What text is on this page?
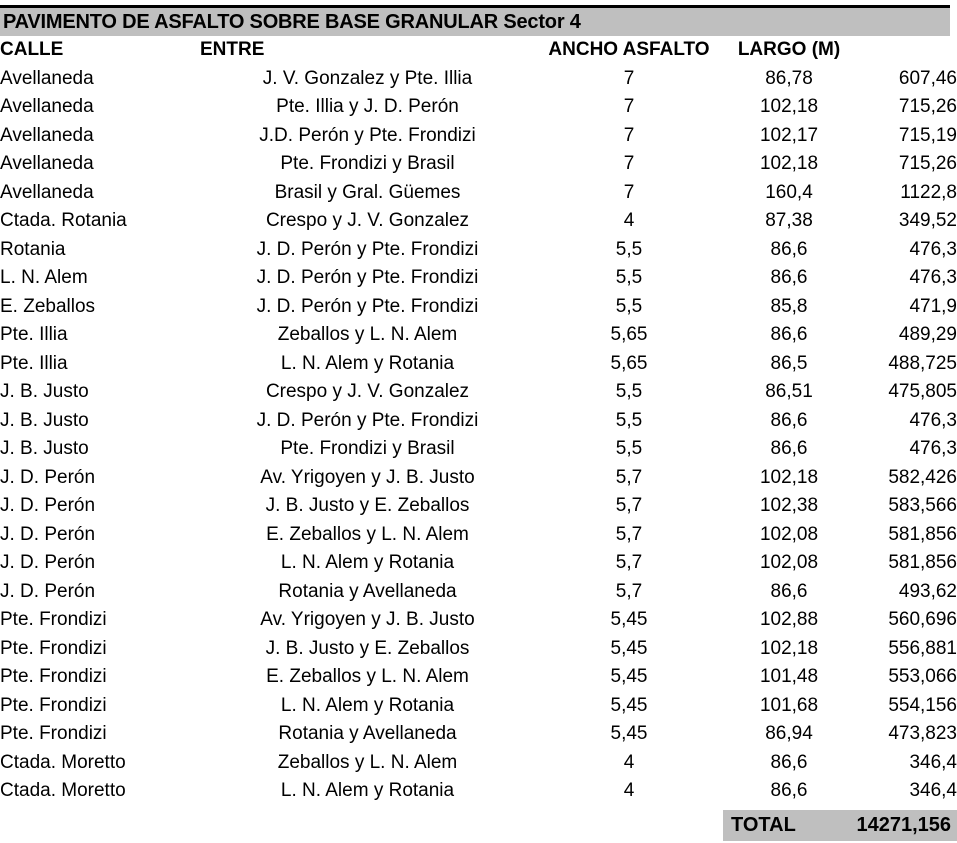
PAVIMENTO DE ASFALTO SOBRE BASE GRANULAR Sector 4
CALLE	ENTRE	ANCHO ASFALTO	LARGO (M)	
Avellaneda	J. V. Gonzalez y Pte. Illia	7	86,78	607,46
Avellaneda	Pte. Illia y J. D. Perón	7	102,18	715,26
Avellaneda	J.D. Perón y Pte. Frondizi	7	102,17	715,19
Avellaneda	Pte. Frondizi y Brasil	7	102,18	715,26
Avellaneda	Brasil y Gral. Güemes	7	160,4	1122,8
Ctada. Rotania	Crespo y J. V. Gonzalez	4	87,38	349,52
Rotania	J. D. Perón y Pte. Frondizi	5,5	86,6	476,3
L. N. Alem	J. D. Perón y Pte. Frondizi	5,5	86,6	476,3
E. Zeballos	J. D. Perón y Pte. Frondizi	5,5	85,8	471,9
Pte. Illia	Zeballos y L. N. Alem	5,65	86,6	489,29
Pte. Illia	L. N. Alem y Rotania	5,65	86,5	488,725
J. B. Justo	Crespo y J. V. Gonzalez	5,5	86,51	475,805
J. B. Justo	J. D. Perón y Pte. Frondizi	5,5	86,6	476,3
J. B. Justo	Pte. Frondizi y Brasil	5,5	86,6	476,3
J. D. Perón	Av. Yrigoyen y J. B. Justo	5,7	102,18	582,426
J. D. Perón	J. B. Justo y E. Zeballos	5,7	102,38	583,566
J. D. Perón	E. Zeballos y L. N. Alem	5,7	102,08	581,856
J. D. Perón	L. N. Alem y Rotania	5,7	102,08	581,856
J. D. Perón	Rotania y Avellaneda	5,7	86,6	493,62
Pte. Frondizi	Av. Yrigoyen y J. B. Justo	5,45	102,88	560,696
Pte. Frondizi	J. B. Justo y E. Zeballos	5,45	102,18	556,881
Pte. Frondizi	E. Zeballos y L. N. Alem	5,45	101,48	553,066
Pte. Frondizi	L. N. Alem y Rotania	5,45	101,68	554,156
Pte. Frondizi	Rotania y Avellaneda	5,45	86,94	473,823
Ctada. Moretto	Zeballos y L. N. Alem	4	86,6	346,4
Ctada. Moretto	L. N. Alem y Rotania	4	86,6	346,4

			TOTAL	14271,156
